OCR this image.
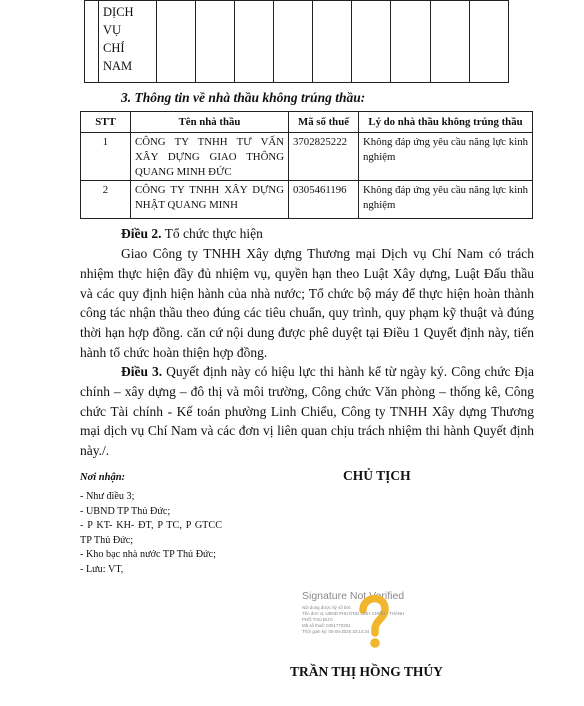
DỊCH VỤ
CHÍ
NAM

3. Thông tin về nhà thầu không trúng thầu:
STT	Tên nhà thầu	Mã số thuế	Lý do nhà thầu không trúng thầu
1	CÔNG TY TNHH TƯ VẤN XÂY DỰNG GIAO THÔNG QUANG MINH ĐỨC	3702825222	Không đáp ứng yêu cầu năng lực kinh nghiệm
2	CÔNG TY TNHH XÂY DỰNG NHẬT QUANG MINH	0305461196	Không đáp ứng yêu cầu năng lực kinh nghiệm
Điều 2. Tổ chức thực hiện
Giao Công ty TNHH Xây dựng Thương mại Dịch vụ Chí Nam có trách nhiệm thực hiện đầy đủ nhiệm vụ, quyền hạn theo Luật Xây dựng, Luật Đấu thầu và các quy định hiện hành của nhà nước; Tổ chức bộ máy để thực hiện hoàn thành công tác nhận thầu theo đúng các tiêu chuẩn, quy trình, quy phạm kỹ thuật và đúng thời hạn hợp đồng. căn cứ nội dung được phê duyệt tại Điều 1 Quyết định này, tiến hành tổ chức hoàn thiện hợp đồng.
Điều 3. Quyết định này có hiệu lực thi hành kể từ ngày ký. Công chức Địa chính – xây dựng – đô thị và môi trường, Công chức Văn phòng – thống kê, Công chức Tài chính - Kế toán phường Linh Chiểu, Công ty TNHH Xây dựng Thương mại dịch vụ Chí Nam và các đơn vị liên quan chịu trách nhiệm thi hành Quyết định này./.
Nơi nhận:
- Như điều 3;
- UBND TP Thủ Đức;
- P KT- KH- ĐT, P TC, P GTCC TP Thủ Đức;
- Kho bạc nhà nước TP Thủ Đức;
- Lưu: VT,
CHỦ TỊCH
Signature Not Verified
Nội dung được ký số bởi:
Tên đơn vị: UBND PHƯỜNG LINH CHIỂU - THÀNH
PHỐ THỦ ĐỨC
Mã số thuế: 0301770251
Thời gian ký: 05-05-2025 10:14:34
TRẦN THỊ HỒNG THÚY
